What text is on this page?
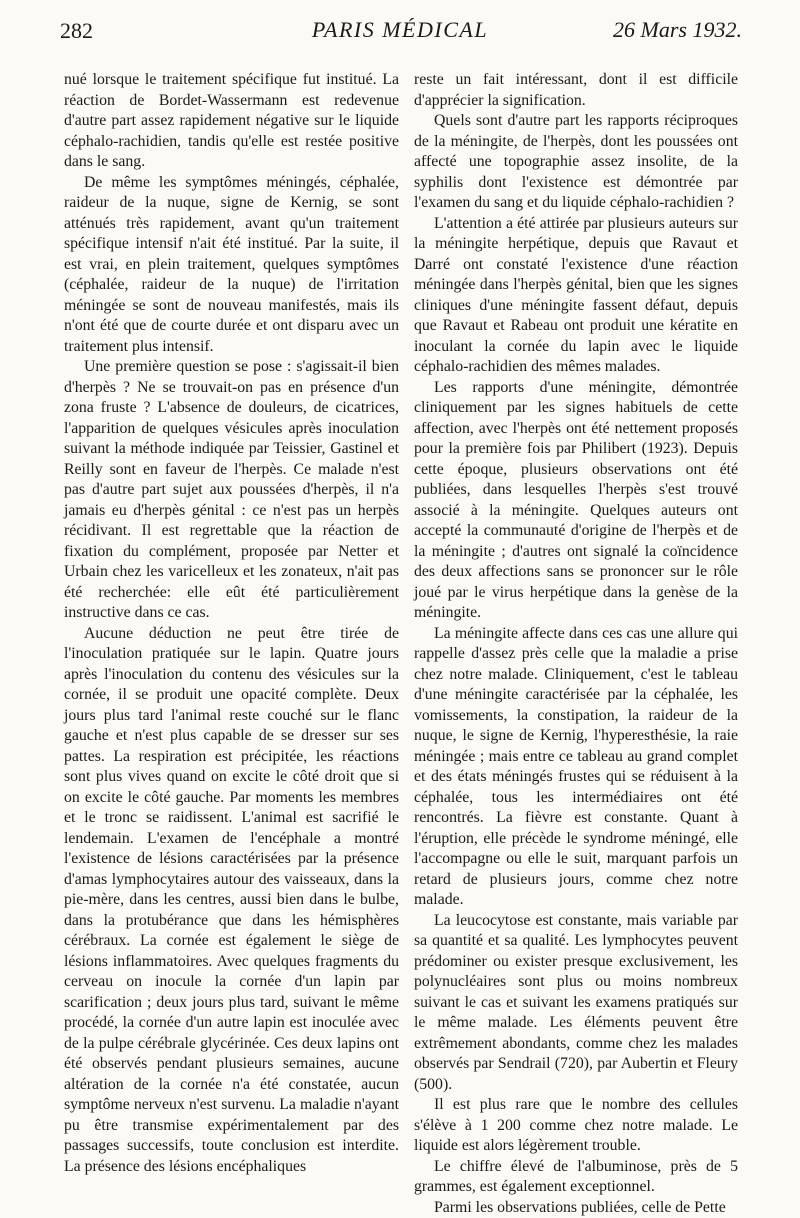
282	PARIS MÉDICAL	26 Mars 1932.

nué lorsque le traitement spécifique fut institué. La réaction de Bordet-Wassermann est redevenue d'autre part assez rapidement négative sur le liquide céphalo-rachidien, tandis qu'elle est restée positive dans le sang.

De même les symptômes méningés, céphalée, raideur de la nuque, signe de Kernig, se sont atténués très rapidement, avant qu'un traitement spécifique intensif n'ait été institué. Par la suite, il est vrai, en plein traitement, quelques symptômes (céphalée, raideur de la nuque) de l'irritation méningée se sont de nouveau manifestés, mais ils n'ont été que de courte durée et ont disparu avec un traitement plus intensif.

Une première question se pose : s'agissait-il bien d'herpès ? Ne se trouvait-on pas en présence d'un zona fruste ? L'absence de douleurs, de cicatrices, l'apparition de quelques vésicules après inoculation suivant la méthode indiquée par Teissier, Gastinel et Reilly sont en faveur de l'herpès. Ce malade n'est pas d'autre part sujet aux poussées d'herpès, il n'a jamais eu d'herpès génital : ce n'est pas un herpès récidivant. Il est regrettable que la réaction de fixation du complément, proposée par Netter et Urbain chez les varicelleux et les zonateux, n'ait pas été recherchée: elle eût été particulièrement instructive dans ce cas.

Aucune déduction ne peut être tirée de l'inoculation pratiquée sur le lapin. Quatre jours après l'inoculation du contenu des vésicules sur la cornée, il se produit une opacité complète. Deux jours plus tard l'animal reste couché sur le flanc gauche et n'est plus capable de se dresser sur ses pattes. La respiration est précipitée, les réactions sont plus vives quand on excite le côté droit que si on excite le côté gauche. Par moments les membres et le tronc se raidissent. L'animal est sacrifié le lendemain. L'examen de l'encéphale a montré l'existence de lésions caractérisées par la présence d'amas lymphocytaires autour des vaisseaux, dans la pie-mère, dans les centres, aussi bien dans le bulbe, dans la protubérance que dans les hémisphères cérébraux. La cornée est également le siège de lésions inflammatoires. Avec quelques fragments du cerveau on inocule la cornée d'un lapin par scarification ; deux jours plus tard, suivant le même procédé, la cornée d'un autre lapin est inoculée avec de la pulpe cérébrale glycérinée. Ces deux lapins ont été observés pendant plusieurs semaines, aucune altération de la cornée n'a été constatée, aucun symptôme nerveux n'est survenu. La maladie n'ayant pu être transmise expérimentalement par des passages successifs, toute conclusion est interdite. La présence des lésions encéphaliques

reste un fait intéressant, dont il est difficile d'apprécier la signification.

Quels sont d'autre part les rapports réciproques de la méningite, de l'herpès, dont les poussées ont affecté une topographie assez insolite, de la syphilis dont l'existence est démontrée par l'examen du sang et du liquide céphalo-rachidien ?

L'attention a été attirée par plusieurs auteurs sur la méningite herpétique, depuis que Ravaut et Darré ont constaté l'existence d'une réaction méningée dans l'herpès génital, bien que les signes cliniques d'une méningite fassent défaut, depuis que Ravaut et Rabeau ont produit une kératite en inoculant la cornée du lapin avec le liquide céphalo-rachidien des mêmes malades.

Les rapports d'une méningite, démontrée cliniquement par les signes habituels de cette affection, avec l'herpès ont été nettement proposés pour la première fois par Philibert (1923). Depuis cette époque, plusieurs observations ont été publiées, dans lesquelles l'herpès s'est trouvé associé à la méningite. Quelques auteurs ont accepté la communauté d'origine de l'herpès et de la méningite ; d'autres ont signalé la coïncidence des deux affections sans se prononcer sur le rôle joué par le virus herpétique dans la genèse de la méningite.

La méningite affecte dans ces cas une allure qui rappelle d'assez près celle que la maladie a prise chez notre malade. Cliniquement, c'est le tableau d'une méningite caractérisée par la céphalée, les vomissements, la constipation, la raideur de la nuque, le signe de Kernig, l'hyperesthésie, la raie méningée ; mais entre ce tableau au grand complet et des états méningés frustes qui se réduisent à la céphalée, tous les intermédiaires ont été rencontrés. La fièvre est constante. Quant à l'éruption, elle précède le syndrome méningé, elle l'accompagne ou elle le suit, marquant parfois un retard de plusieurs jours, comme chez notre malade.

La leucocytose est constante, mais variable par sa quantité et sa qualité. Les lymphocytes peuvent prédominer ou exister presque exclusivement, les polynucléaires sont plus ou moins nombreux suivant le cas et suivant les examens pratiqués sur le même malade. Les éléments peuvent être extrêmement abondants, comme chez les malades observés par Sendrail (720), par Aubertin et Fleury (500).

Il est plus rare que le nombre des cellules s'élève à 1 200 comme chez notre malade. Le liquide est alors légèrement trouble.

Le chiffre élevé de l'albuminose, près de 5 grammes, est également exceptionnel.

Parmi les observations publiées, celle de Pette
